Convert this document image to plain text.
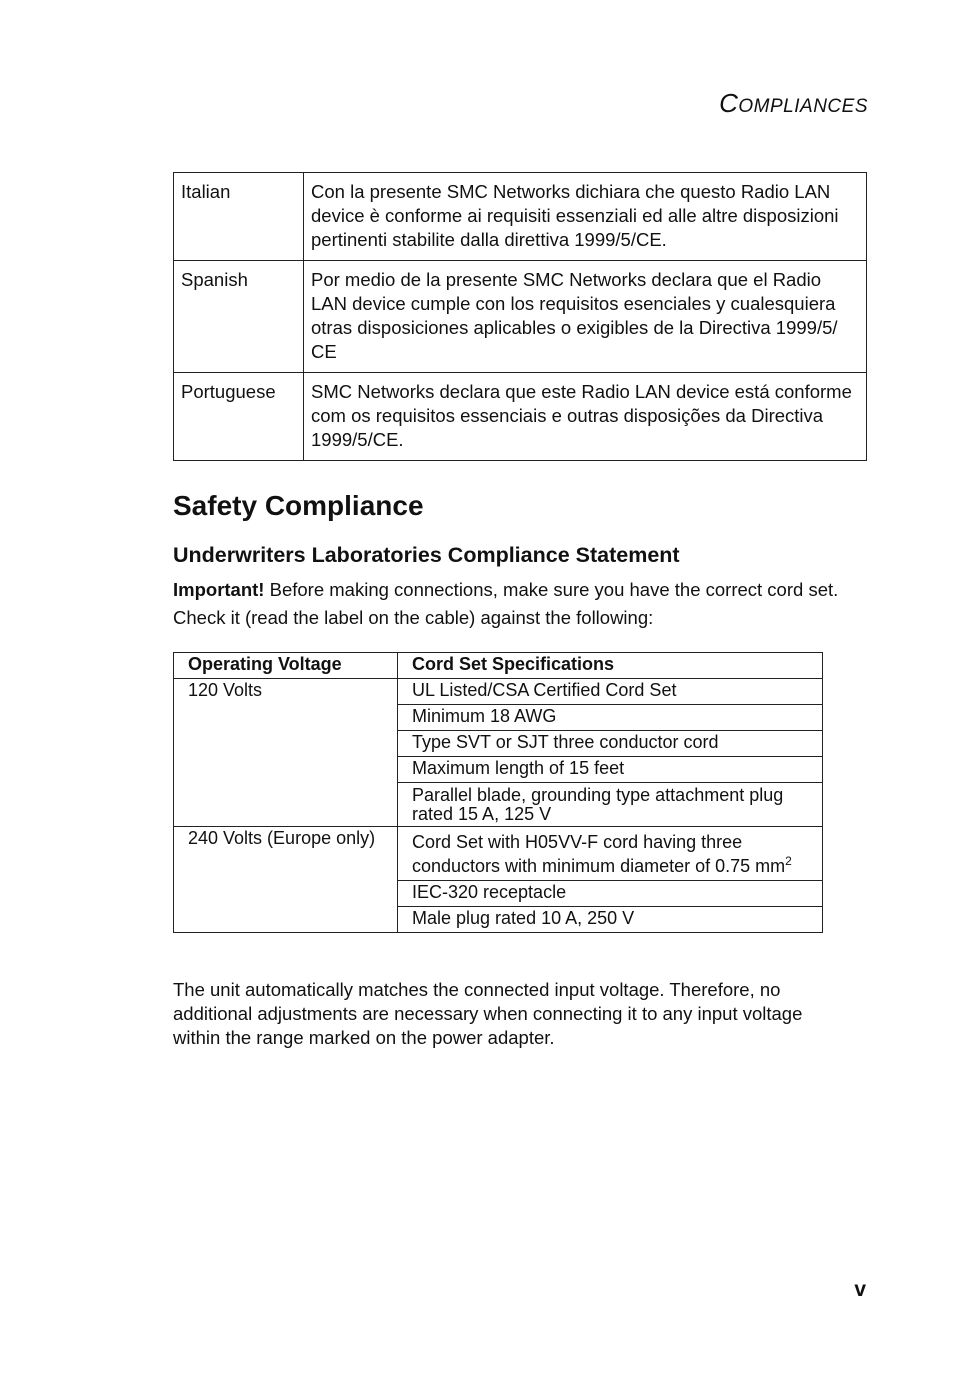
COMPLIANCES
Italian	Con la presente SMC Networks dichiara che questo Radio LAN device è conforme ai requisiti essenziali ed alle altre disposizioni pertinenti stabilite dalla direttiva 1999/5/CE.
Spanish	Por medio de la presente SMC Networks declara que el Radio LAN device cumple con los requisitos esenciales y cualesquiera otras disposiciones aplicables o exigibles de la Directiva 1999/5/ CE
Portuguese	SMC Networks declara que este Radio LAN device está conforme com os requisitos essenciais e outras disposições da Directiva 1999/5/CE.
Safety Compliance
Underwriters Laboratories Compliance Statement

Important! Before making connections, make sure you have the correct cord set. Check it (read the label on the cable) against the following:

Operating Voltage	Cord Set Specifications
120 Volts	UL Listed/CSA Certified Cord Set
	Minimum 18 AWG
	Type SVT or SJT three conductor cord
	Maximum length of 15 feet
	Parallel blade, grounding type attachment plug rated 15 A, 125 V
240 Volts (Europe only)	Cord Set with H05VV-F cord having three conductors with minimum diameter of 0.75 $mm^2$
	IEC-320 receptacle
	Male plug rated 10 A, 250 V

The unit automatically matches the connected input voltage. Therefore, no additional adjustments are necessary when connecting it to any input voltage within the range marked on the power adapter.

v
